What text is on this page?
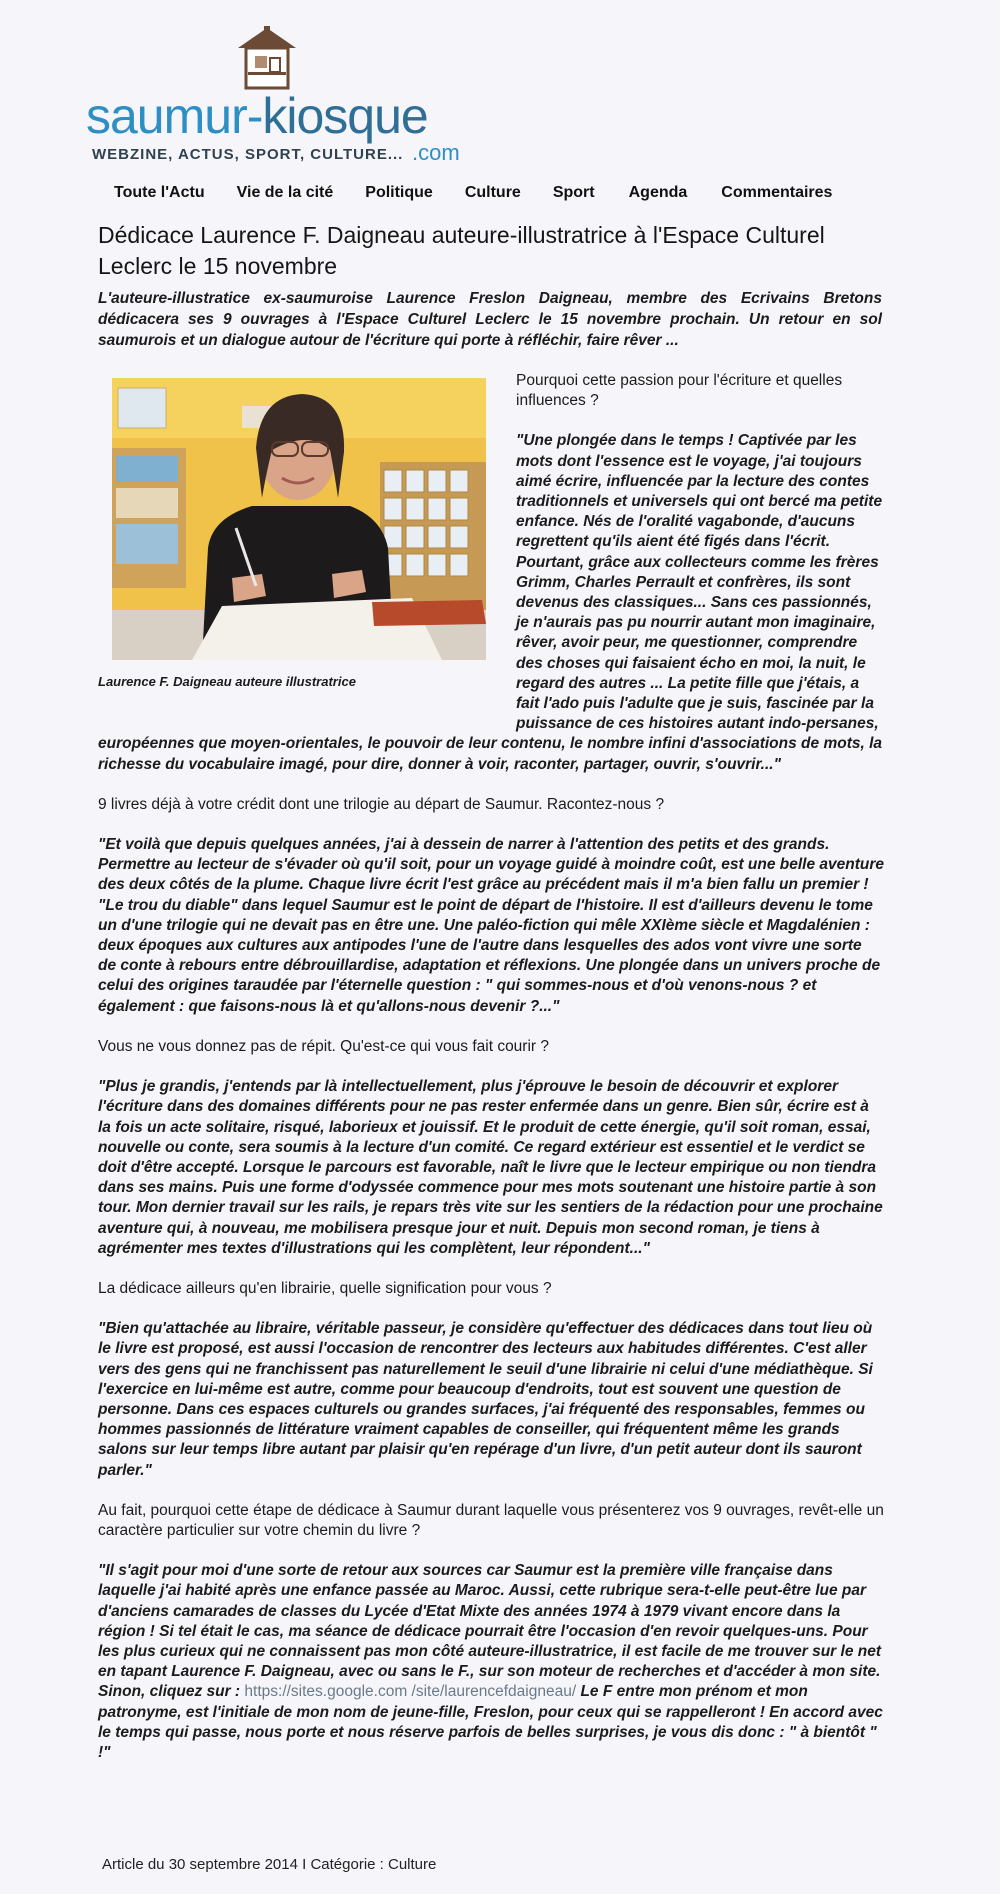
saumur-kiosque
WEBZINE, ACTUS, SPORT, CULTURE... .com
Toute l'Actu Vie de la cité Politique Culture Sport Agenda Commentaires
Dédicace Laurence F. Daigneau auteure-illustratrice à l'Espace Culturel Leclerc le 15 novembre
L'auteure-illustratice ex-saumuroise Laurence Freslon Daigneau, membre des Ecrivains Bretons dédicacera ses 9 ouvrages à l'Espace Culturel Leclerc le 15 novembre prochain. Un retour en sol saumurois et un dialogue autour de l'écriture qui porte à réfléchir, faire rêver ...
Laurence F. Daigneau auteure illustratrice

Pourquoi cette passion pour l'écriture et quelles influences ?

"Une plongée dans le temps ! Captivée par les mots dont l'essence est le voyage, j'ai toujours aimé écrire, influencée par la lecture des contes traditionnels et universels qui ont bercé ma petite enfance. Nés de l'oralité vagabonde, d'aucuns regrettent qu'ils aient été figés dans l'écrit. Pourtant, grâce aux collecteurs comme les frères Grimm, Charles Perrault et confrères, ils sont devenus des classiques... Sans ces passionnés, je n'aurais pas pu nourrir autant mon imaginaire, rêver, avoir peur, me questionner, comprendre des choses qui faisaient écho en moi, la nuit, le regard des autres ... La petite fille que j'étais, a fait l'ado puis l'adulte que je suis, fascinée par la puissance de ces histoires autant indo-persanes, européennes que moyen-orientales, le pouvoir de leur contenu, le nombre infini d'associations de mots, la richesse du vocabulaire imagé, pour dire, donner à voir, raconter, partager, ouvrir, s'ouvrir..."

9 livres déjà à votre crédit dont une trilogie au départ de Saumur. Racontez-nous ?

"Et voilà que depuis quelques années, j'ai à dessein de narrer à l'attention des petits et des grands. Permettre au lecteur de s'évader où qu'il soit, pour un voyage guidé à moindre coût, est une belle aventure des deux côtés de la plume. Chaque livre écrit l'est grâce au précédent mais il m'a bien fallu un premier ! "Le trou du diable" dans lequel Saumur est le point de départ de l'histoire. Il est d'ailleurs devenu le tome un d'une trilogie qui ne devait pas en être une. Une paléo-fiction qui mêle XXIème siècle et Magdalénien : deux époques aux cultures aux antipodes l'une de l'autre dans lesquelles des ados vont vivre une sorte de conte à rebours entre débrouillardise, adaptation et réflexions. Une plongée dans un univers proche de celui des origines taraudée par l'éternelle question : " qui sommes-nous et d'où venons-nous ? et également : que faisons-nous là et qu'allons-nous devenir ?..."

Vous ne vous donnez pas de répit. Qu'est-ce qui vous fait courir ?

"Plus je grandis, j'entends par là intellectuellement, plus j'éprouve le besoin de découvrir et explorer l'écriture dans des domaines différents pour ne pas rester enfermée dans un genre. Bien sûr, écrire est à la fois un acte solitaire, risqué, laborieux et jouissif. Et le produit de cette énergie, qu'il soit roman, essai, nouvelle ou conte, sera soumis à la lecture d'un comité. Ce regard extérieur est essentiel et le verdict se doit d'être accepté. Lorsque le parcours est favorable, naît le livre que le lecteur empirique ou non tiendra dans ses mains. Puis une forme d'odyssée commence pour mes mots soutenant une histoire partie à son tour. Mon dernier travail sur les rails, je repars très vite sur les sentiers de la rédaction pour une prochaine aventure qui, à nouveau, me mobilisera presque jour et nuit. Depuis mon second roman, je tiens à agrémenter mes textes d'illustrations qui les complètent, leur répondent..."

La dédicace ailleurs qu'en librairie, quelle signification pour vous ?

"Bien qu'attachée au libraire, véritable passeur, je considère qu'effectuer des dédicaces dans tout lieu où le livre est proposé, est aussi l'occasion de rencontrer des lecteurs aux habitudes différentes. C'est aller vers des gens qui ne franchissent pas naturellement le seuil d'une librairie ni celui d'une médiathèque. Si l'exercice en lui-même est autre, comme pour beaucoup d'endroits, tout est souvent une question de personne. Dans ces espaces culturels ou grandes surfaces, j'ai fréquenté des responsables, femmes ou hommes passionnés de littérature vraiment capables de conseiller, qui fréquentent même les grands salons sur leur temps libre autant par plaisir qu'en repérage d'un livre, d'un petit auteur dont ils sauront parler."

Au fait, pourquoi cette étape de dédicace à Saumur durant laquelle vous présenterez vos 9 ouvrages, revêt-elle un caractère particulier sur votre chemin du livre ?

"Il s'agit pour moi d'une sorte de retour aux sources car Saumur est la première ville française dans laquelle j'ai habité après une enfance passée au Maroc. Aussi, cette rubrique sera-t-elle peut-être lue par d'anciens camarades de classes du Lycée d'Etat Mixte des années 1974 à 1979 vivant encore dans la région ! Si tel était le cas, ma séance de dédicace pourrait être l'occasion d'en revoir quelques-uns. Pour les plus curieux qui ne connaissent pas mon côté auteure-illustratrice, il est facile de me trouver sur le net en tapant Laurence F. Daigneau, avec ou sans le F., sur son moteur de recherches et d'accéder à mon site. Sinon, cliquez sur : https://sites.google.com /site/laurencefdaigneau/ Le F entre mon prénom et mon patronyme, est l'initiale de mon nom de jeune-fille, Freslon, pour ceux qui se rappelleront ! En accord avec le temps qui passe, nous porte et nous réserve parfois de belles surprises, je vous dis donc : " à bientôt " !"

Article du 30 septembre 2014 I Catégorie : Culture
